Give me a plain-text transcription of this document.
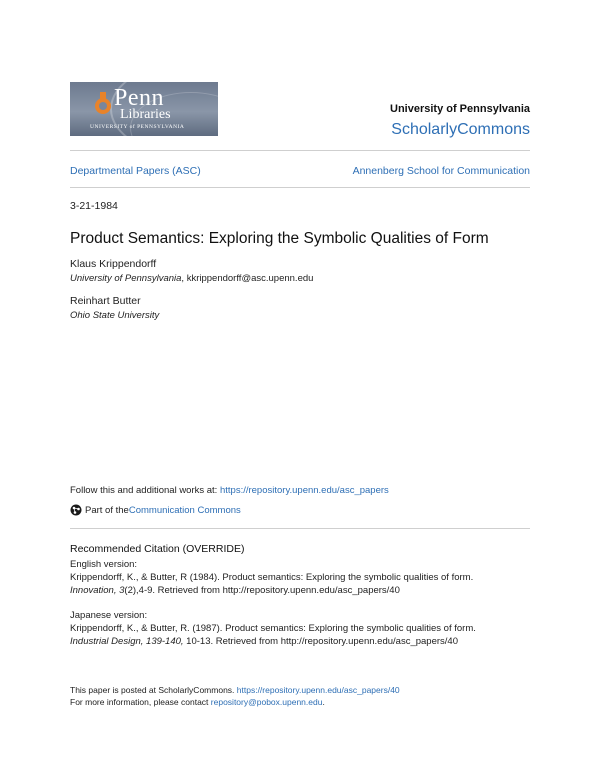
Penn
Libraries
UNIVERSITY of PENNSYLVANIA
University of Pennsylvania
ScholarlyCommons
Departmental Papers (ASC)	Annenberg School for Communication
3-21-1984
Product Semantics: Exploring the Symbolic Qualities of Form
Klaus Krippendorff
University of Pennsylvania, kkrippendorff@asc.upenn.edu
Reinhart Butter
Ohio State University
Follow this and additional works at: https://repository.upenn.edu/asc_papers
Part of the Communication Commons
Recommended Citation (OVERRIDE)
English version:
Krippendorff, K., & Butter, R (1984). Product semantics: Exploring the symbolic qualities of form.
Innovation, 3(2),4-9. Retrieved from http://repository.upenn.edu/asc_papers/40
Japanese version:
Krippendorff, K., & Butter, R. (1987). Product semantics: Exploring the symbolic qualities of form.
Industrial Design, 139-140, 10-13. Retrieved from http://repository.upenn.edu/asc_papers/40
This paper is posted at ScholarlyCommons. https://repository.upenn.edu/asc_papers/40
For more information, please contact repository@pobox.upenn.edu.
